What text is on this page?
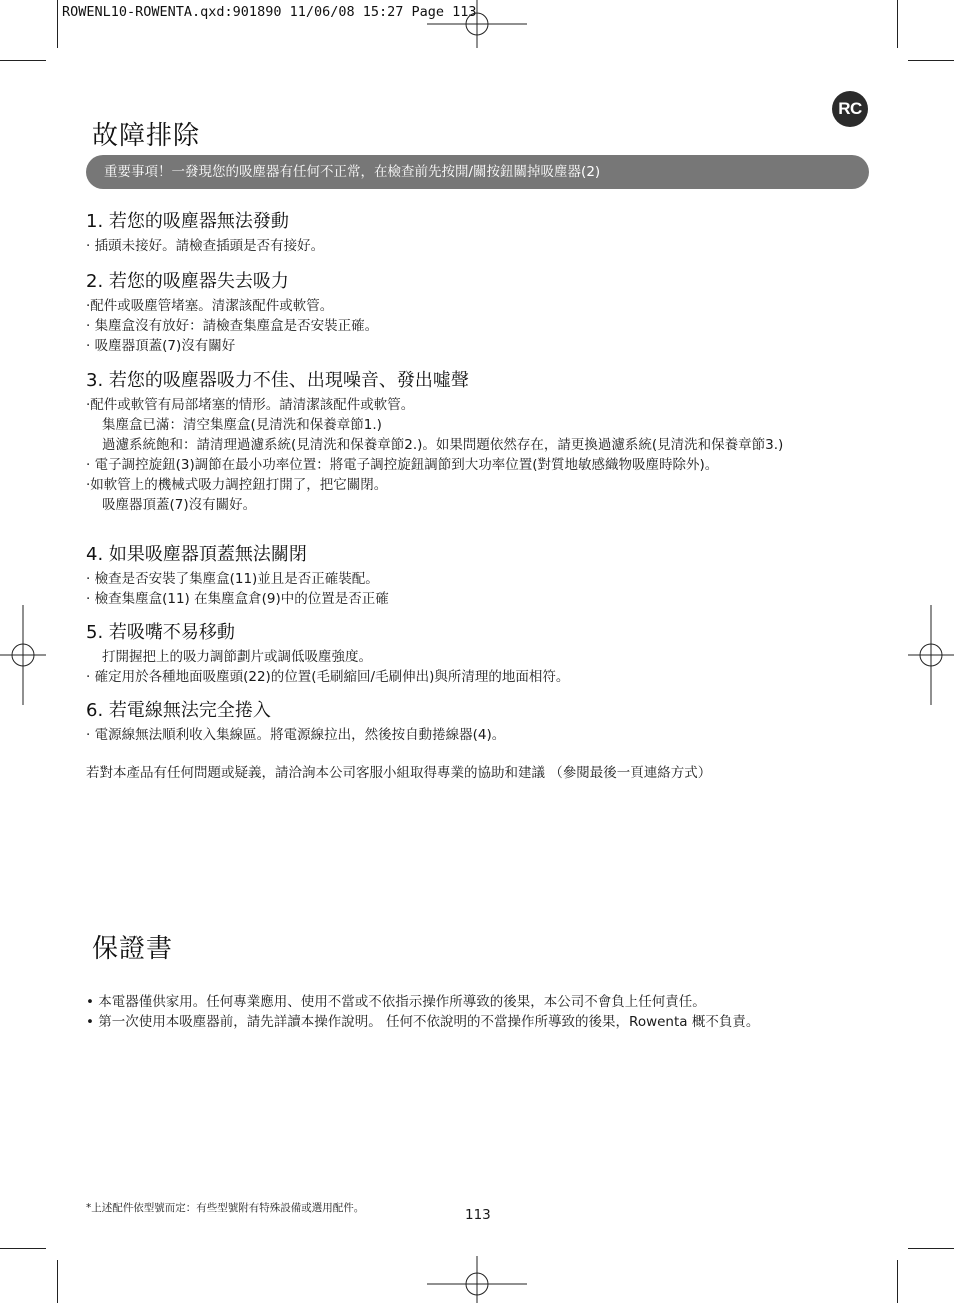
ROWENL10-ROWENTA.qxd:901890 11/06/08 15:27 Page 113
RC
故障排除
重要事項！一發現您的吸塵器有任何不正常，在檢查前先按開/關按鈕關掉吸塵器(2)
1. 若您的吸塵器無法發動
· 插頭未接好。請檢查插頭是否有接好。
2. 若您的吸塵器失去吸力
·配件或吸塵管堵塞。清潔該配件或軟管。
· 集塵盒沒有放好：請檢查集塵盒是否安裝正確。
· 吸塵器頂蓋(7)沒有關好
3. 若您的吸塵器吸力不佳、出現噪音、發出噓聲
·配件或軟管有局部堵塞的情形。請清潔該配件或軟管。
集塵盒已滿：清空集塵盒(見清洗和保養章節1.)
過濾系統飽和：請清理過濾系統(見清洗和保養章節2.)。如果問題依然存在，請更換過濾系統(見清洗和保養章節3.)
· 電子調控旋鈕(3)調節在最小功率位置：將電子調控旋鈕調節到大功率位置(對質地敏感織物吸塵時除外)。
·如軟管上的機械式吸力調控鈕打開了，把它關閉。
吸塵器頂蓋(7)沒有關好。
4. 如果吸塵器頂蓋無法關閉
· 檢查是否安裝了集塵盒(11)並且是否正確裝配。
· 檢查集塵盒(11) 在集塵盒倉(9)中的位置是否正確
5. 若吸嘴不易移動
打開握把上的吸力調節劃片或調低吸塵強度。
· 確定用於各種地面吸塵頭(22)的位置(毛刷縮回/毛刷伸出)與所清理的地面相符。
6. 若電線無法完全捲入
· 電源線無法順利收入集線區。將電源線拉出，然後按自動捲線器(4)。
若對本產品有任何問題或疑義，請洽詢本公司客服小組取得專業的協助和建議 （參閱最後一頁連絡方式）
保證書
• 本電器僅供家用。任何專業應用、使用不當或不依指示操作所導致的後果，本公司不會負上任何責任。
• 第一次使用本吸塵器前，請先詳讀本操作說明。 任何不依說明的不當操作所導致的後果，Rowenta 概不負責。
*上述配件依型號而定：有些型號附有特殊設備或選用配件。	113
